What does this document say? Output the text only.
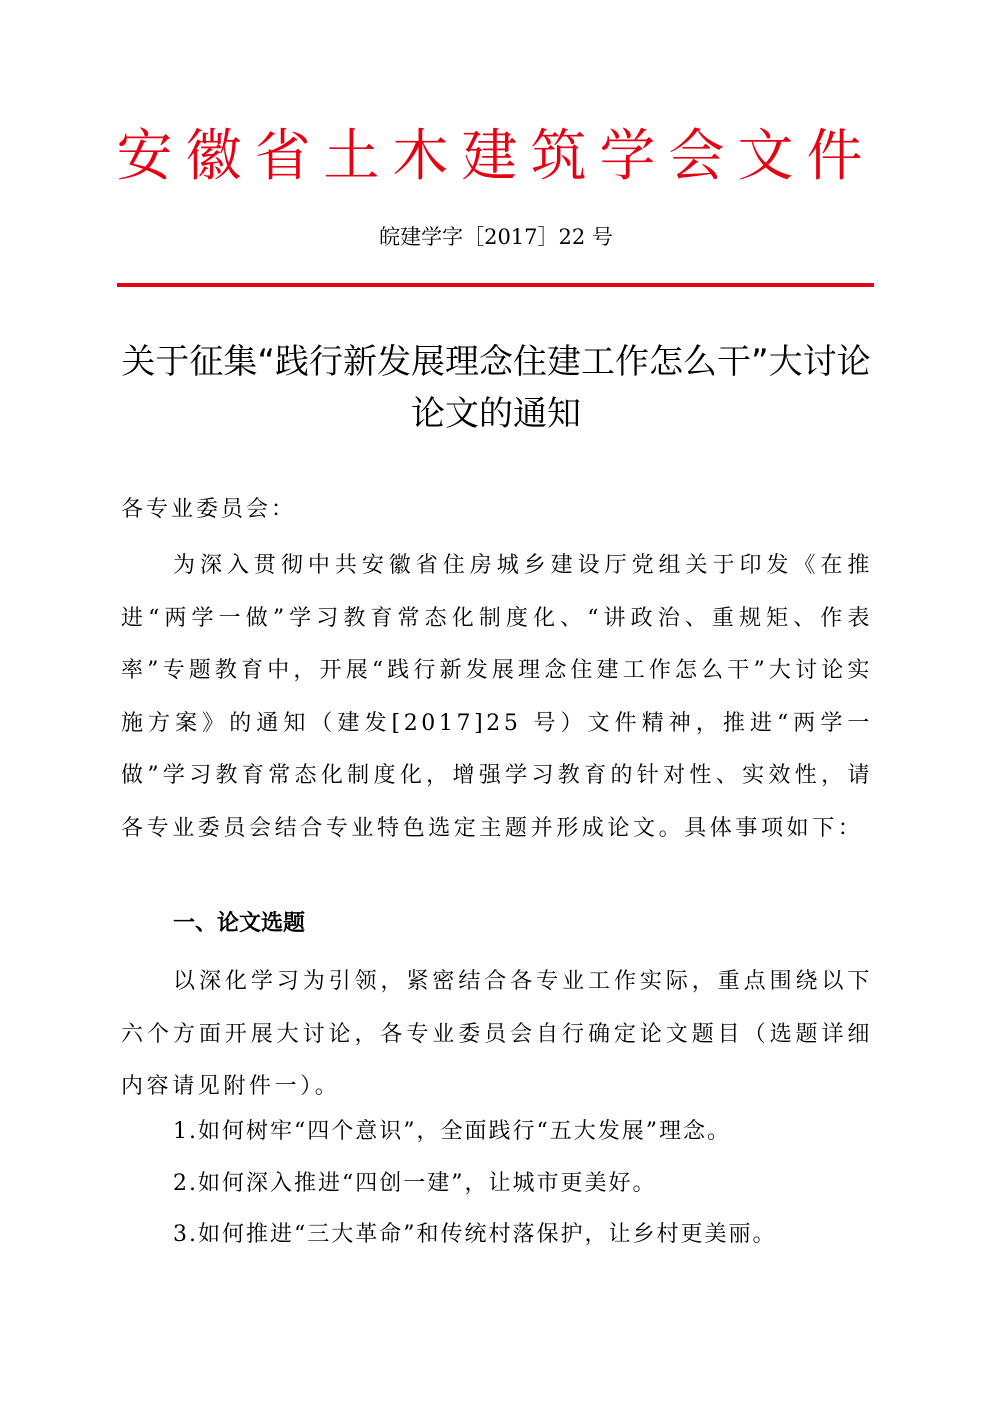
安徽省土木建筑学会文件
皖建学字［2017］22 号
关于征集“践行新发展理念住建工作怎么干”大讨论论文的通知
各专业委员会：
为深入贯彻中共安徽省住房城乡建设厅党组关于印发《在推进“两学一做”学习教育常态化制度化、“讲政治、重规矩、作表率”专题教育中，开展“践行新发展理念住建工作怎么干”大讨论实施方案》的通知（建发[2017]25 号）文件精神，推进“两学一做”学习教育常态化制度化，增强学习教育的针对性、实效性，请各专业委员会结合专业特色选定主题并形成论文。具体事项如下：
一、论文选题
以深化学习为引领，紧密结合各专业工作实际，重点围绕以下六个方面开展大讨论，各专业委员会自行确定论文题目（选题详细内容请见附件一）。
1.如何树牢“四个意识”，全面践行“五大发展”理念。
2.如何深入推进“四创一建”，让城市更美好。
3.如何推进“三大革命”和传统村落保护，让乡村更美丽。
